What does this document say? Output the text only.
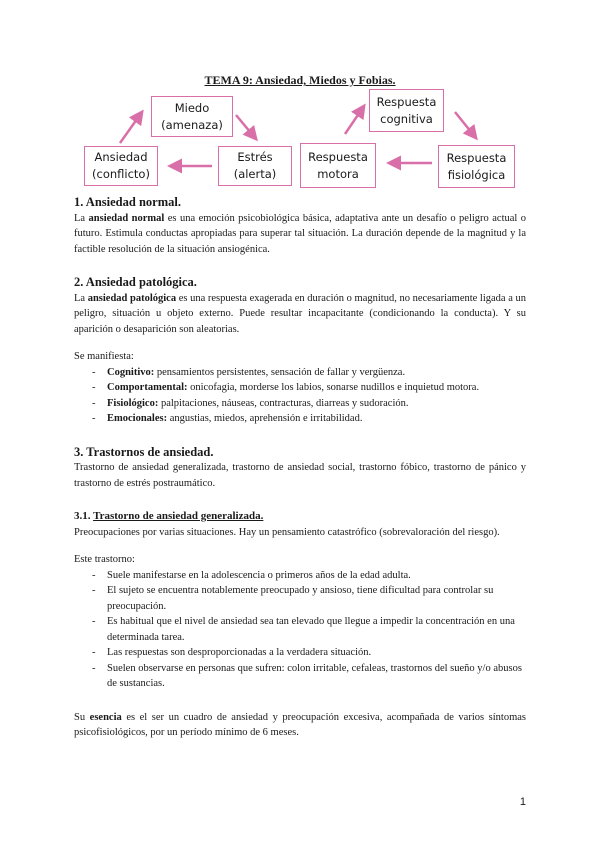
TEMA 9: Ansiedad, Miedos y Fobias.
Miedo
(amenaza)
Estrés
(alerta)
Ansiedad
(conflicto)
Respuesta
cognitiva
Respuesta
fisiológica
Respuesta
motora
1. Ansiedad normal.

La ansiedad normal es una emoción psicobiológica básica, adaptativa ante un desafío o peligro actual o futuro. Estimula conductas apropiadas para superar tal situación. La duración depende de la magnitud y la factible resolución de la situación ansiogénica.

2. Ansiedad patológica.

La ansiedad patológica es una respuesta exagerada en duración o magnitud, no necesariamente ligada a un peligro, situación u objeto externo. Puede resultar incapacitante (condicionando la conducta). Y su aparición o desaparición son aleatorias.

Se manifiesta:

- Cognitivo: pensamientos persistentes, sensación de fallar y vergüenza.
- Comportamental: onicofagia, morderse los labios, sonarse nudillos e inquietud motora.
- Fisiológico: palpitaciones, náuseas, contracturas, diarreas y sudoración.
- Emocionales: angustias, miedos, aprehensión e irritabilidad.
3. Trastornos de ansiedad.

Trastorno de ansiedad generalizada, trastorno de ansiedad social, trastorno fóbico, trastorno de pánico y trastorno de estrés postraumático.

3.1. Trastorno de ansiedad generalizada.

Preocupaciones por varias situaciones. Hay un pensamiento catastrófico (sobrevaloración del riesgo).

Este trastorno:

- Suele manifestarse en la adolescencia o primeros años de la edad adulta.
- El sujeto se encuentra notablemente preocupado y ansioso, tiene dificultad para controlar su preocupación.
- Es habitual que el nivel de ansiedad sea tan elevado que llegue a impedir la concentración en una determinada tarea.
- Las respuestas son desproporcionadas a la verdadera situación.
- Suelen observarse en personas que sufren: colon irritable, cefaleas, trastornos del sueño y/o abusos de sustancias.

Su esencia es el ser un cuadro de ansiedad y preocupación excesiva, acompañada de varios síntomas psicofisiológicos, por un período mínimo de 6 meses.

1
